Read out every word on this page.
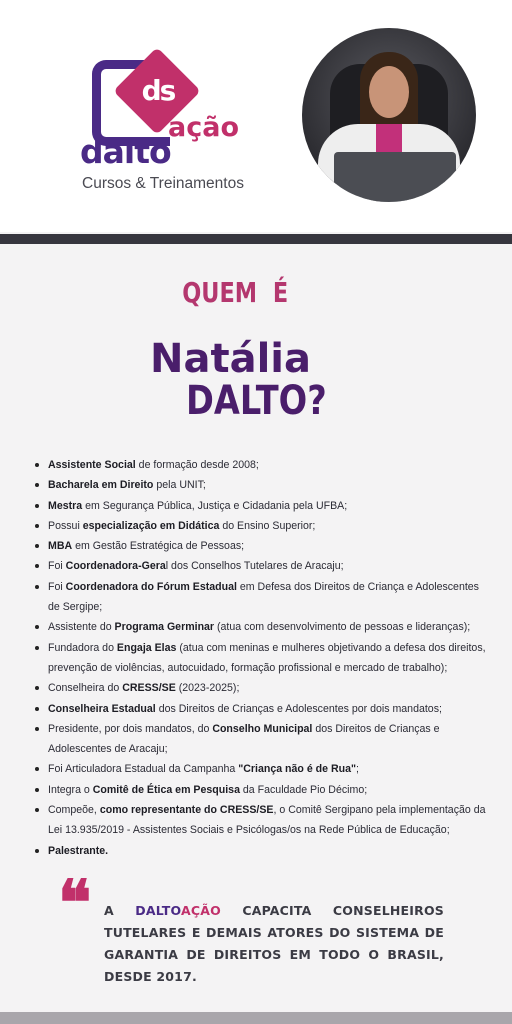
ds
ação
dalto
Cursos & Treinamentos
QUEM É
Natália
DALTO?
Assistente Social de formação desde 2008;
Bacharela em Direito pela UNIT;
Mestra em Segurança Pública, Justiça e Cidadania pela UFBA;
Possui especialização em Didática do Ensino Superior;
MBA em Gestão Estratégica de Pessoas;
Foi Coordenadora-Geral dos Conselhos Tutelares de Aracaju;
Foi Coordenadora do Fórum Estadual em Defesa dos Direitos de Criança e Adolescentes de Sergipe;
Assistente do Programa Germinar (atua com desenvolvimento de pessoas e lideranças);
Fundadora do Engaja Elas (atua com meninas e mulheres objetivando a defesa dos direitos, prevenção de violências, autocuidado, formação profissional e mercado de trabalho);
Conselheira do CRESS/SE (2023-2025);
Conselheira Estadual dos Direitos de Crianças e Adolescentes por dois mandatos;
Presidente, por dois mandatos, do Conselho Municipal dos Direitos de Crianças e Adolescentes de Aracaju;
Foi Articuladora Estadual da Campanha "Criança não é de Rua";
Integra o Comitê de Ética em Pesquisa da Faculdade Pio Décimo;
Compeõe, como representante do CRESS/SE, o Comitê Sergipano pela implementação da Lei 13.935/2019 - Assistentes Sociais e Psicólogas/os na Rede Pública de Educação;
Palestrante.
❝ A DALTOAÇÃO CAPACITA CONSELHEIROS TUTELARES E DEMAIS ATORES DO SISTEMA DE GARANTIA DE DIREITOS EM TODO O BRASIL, DESDE 2017.
